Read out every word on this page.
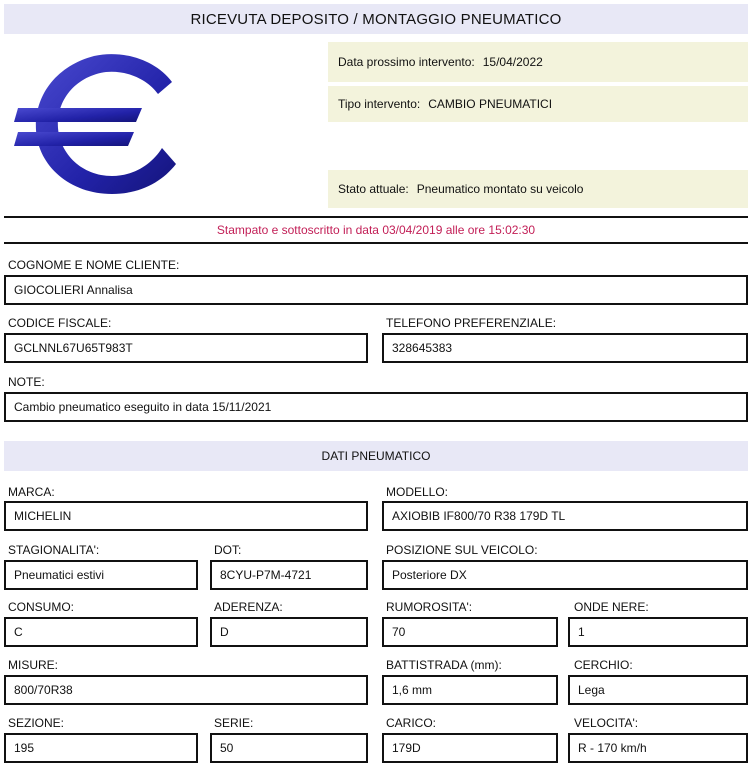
RICEVUTA DEPOSITO / MONTAGGIO PNEUMATICO
Data prossimo intervento: 15/04/2022
Tipo intervento: CAMBIO PNEUMATICI
Stato attuale: Pneumatico montato su veicolo
Stampato e sottoscritto in data 03/04/2019 alle ore 15:02:30
COGNOME E NOME CLIENTE:
GIOCOLIERI Annalisa
CODICE FISCALE:
GCLNNL67U65T983T
TELEFONO PREFERENZIALE:
328645383
NOTE:
Cambio pneumatico eseguito in data 15/11/2021
DATI PNEUMATICO
MARCA:
MICHELIN
MODELLO:
AXIOBIB IF800/70 R38 179D TL
STAGIONALITA':
Pneumatici estivi
DOT:
8CYU-P7M-4721
POSIZIONE SUL VEICOLO:
Posteriore DX
CONSUMO:
C
ADERENZA:
D
RUMOROSITA':
70
ONDE NERE:
1
MISURE:
800/70R38
BATTISTRADA (mm):
1,6 mm
CERCHIO:
Lega
SEZIONE:
195
SERIE:
50
CARICO:
179D
VELOCITA':
R - 170 km/h
